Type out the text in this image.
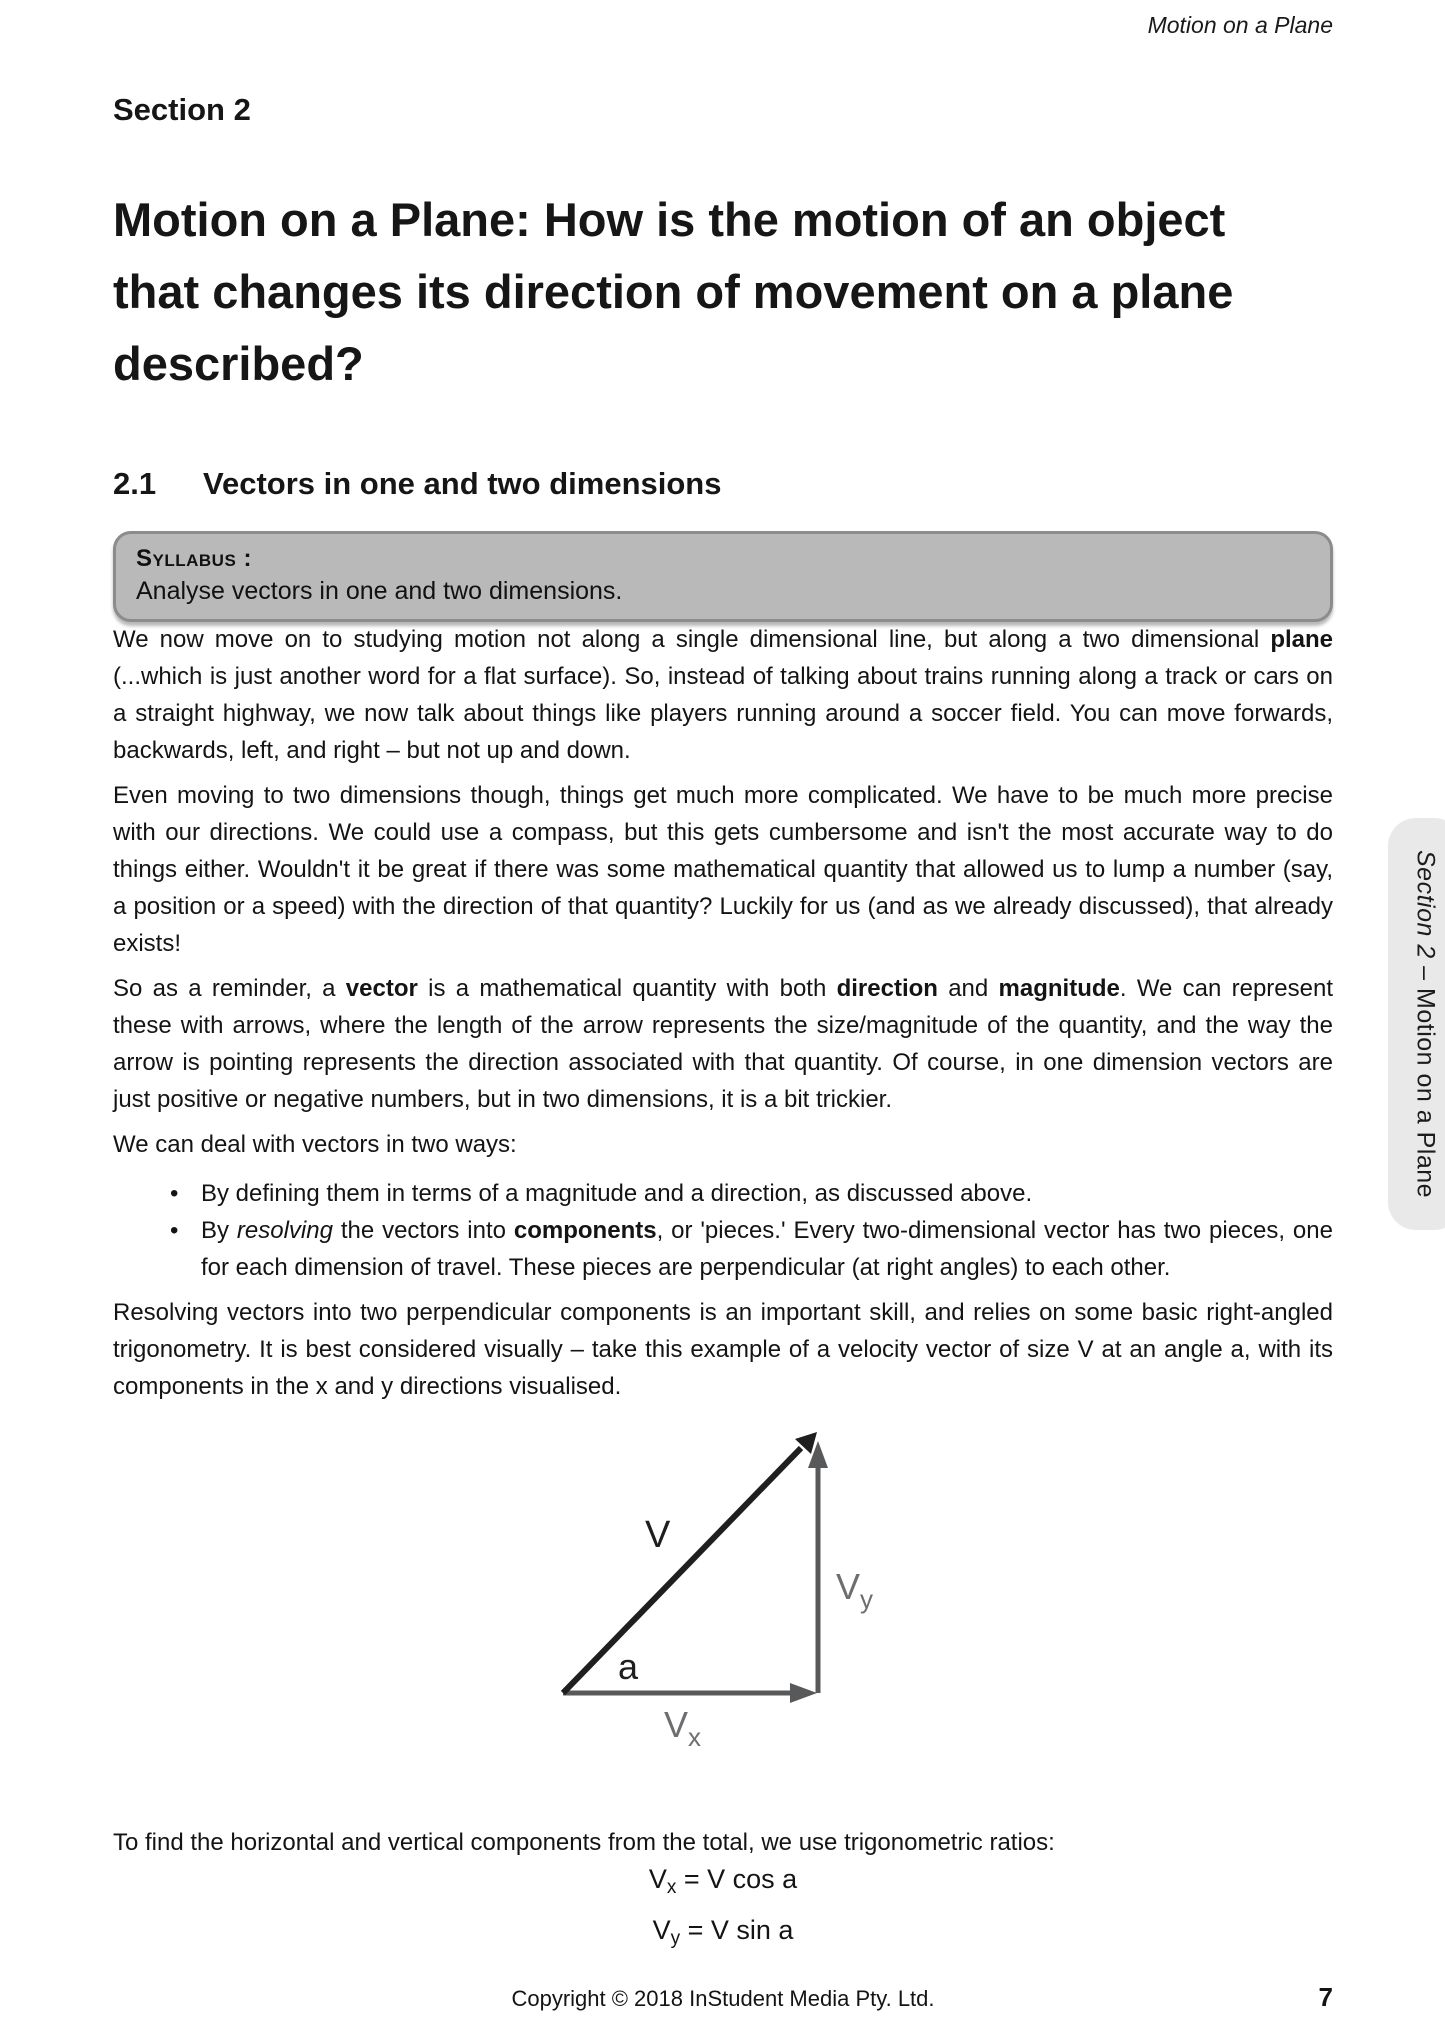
Motion on a Plane
Section 2
Motion on a Plane: How is the motion of an object that changes its direction of movement on a plane described?
2.1 Vectors in one and two dimensions
Syllabus :
Analyse vectors in one and two dimensions.

We now move on to studying motion not along a single dimensional line, but along a two dimensional plane (...which is just another word for a flat surface). So, instead of talking about trains running along a track or cars on a straight highway, we now talk about things like players running around a soccer field. You can move forwards, backwards, left, and right – but not up and down.

Even moving to two dimensions though, things get much more complicated. We have to be much more precise with our directions. We could use a compass, but this gets cumbersome and isn't the most accurate way to do things either. Wouldn't it be great if there was some mathematical quantity that allowed us to lump a number (say, a position or a speed) with the direction of that quantity? Luckily for us (and as we already discussed), that already exists!

So as a reminder, a vector is a mathematical quantity with both direction and magnitude. We can represent these with arrows, where the length of the arrow represents the size/magnitude of the quantity, and the way the arrow is pointing represents the direction associated with that quantity. Of course, in one dimension vectors are just positive or negative numbers, but in two dimensions, it is a bit trickier.

We can deal with vectors in two ways:

• By defining them in terms of a magnitude and a direction, as discussed above.
• By resolving the vectors into components, or 'pieces.' Every two-dimensional vector has two pieces, one for each dimension of travel. These pieces are perpendicular (at right angles) to each other.

Resolving vectors into two perpendicular components is an important skill, and relies on some basic right-angled trigonometry. It is best considered visually – take this example of a velocity vector of size V at an angle a, with its components in the x and y directions visualised.

V
a
$V_y$
$V_x$
To find the horizontal and vertical components from the total, we use trigonometric ratios:
Vx = V cos a
Vy = V sin a
Section 2 – Motion on a Plane
Copyright © 2018 InStudent Media Pty. Ltd.	7
